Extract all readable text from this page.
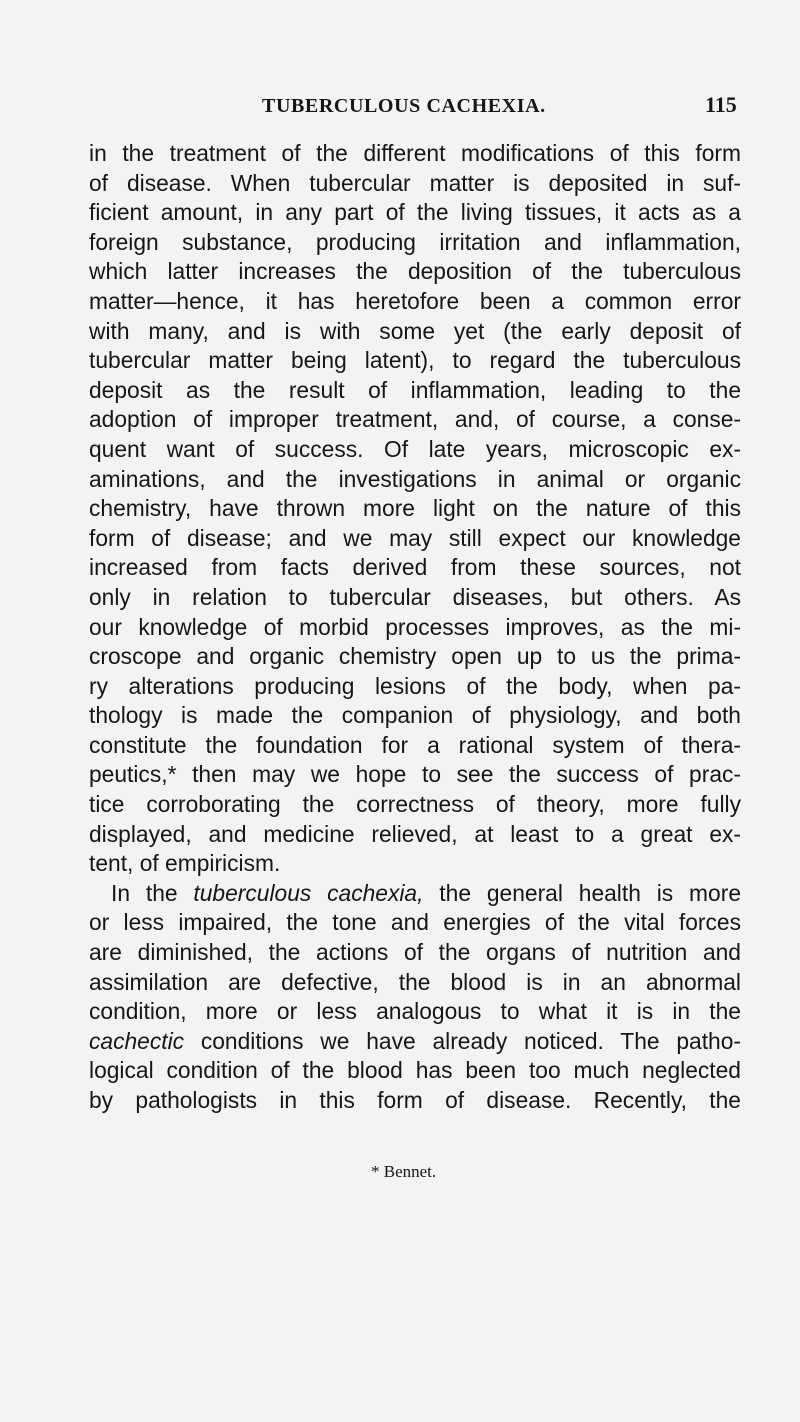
TUBERCULOUS CACHEXIA.	115
in the treatment of the different modifications of this form
of disease. When tubercular matter is deposited in suf-
ficient amount, in any part of the living tissues, it acts as a
foreign substance, producing irritation and inflammation,
which latter increases the deposition of the tuberculous
matter—hence, it has heretofore been a common error
with many, and is with some yet (the early deposit of
tubercular matter being latent), to regard the tuberculous
deposit as the result of inflammation, leading to the
adoption of improper treatment, and, of course, a conse-
quent want of success. Of late years, microscopic ex-
aminations, and the investigations in animal or organic
chemistry, have thrown more light on the nature of this
form of disease; and we may still expect our knowledge
increased from facts derived from these sources, not
only in relation to tubercular diseases, but others. As
our knowledge of morbid processes improves, as the mi-
croscope and organic chemistry open up to us the prima-
ry alterations producing lesions of the body, when pa-
thology is made the companion of physiology, and both
constitute the foundation for a rational system of thera-
peutics,* then may we hope to see the success of prac-
tice corroborating the correctness of theory, more fully
displayed, and medicine relieved, at least to a great ex-
tent, of empiricism.
In the tuberculous cachexia, the general health is more
or less impaired, the tone and energies of the vital forces
are diminished, the actions of the organs of nutrition and
assimilation are defective, the blood is in an abnormal
condition, more or less analogous to what it is in the
cachectic conditions we have already noticed. The patho-
logical condition of the blood has been too much neglected
by pathologists in this form of disease. Recently, the
* Bennet.
